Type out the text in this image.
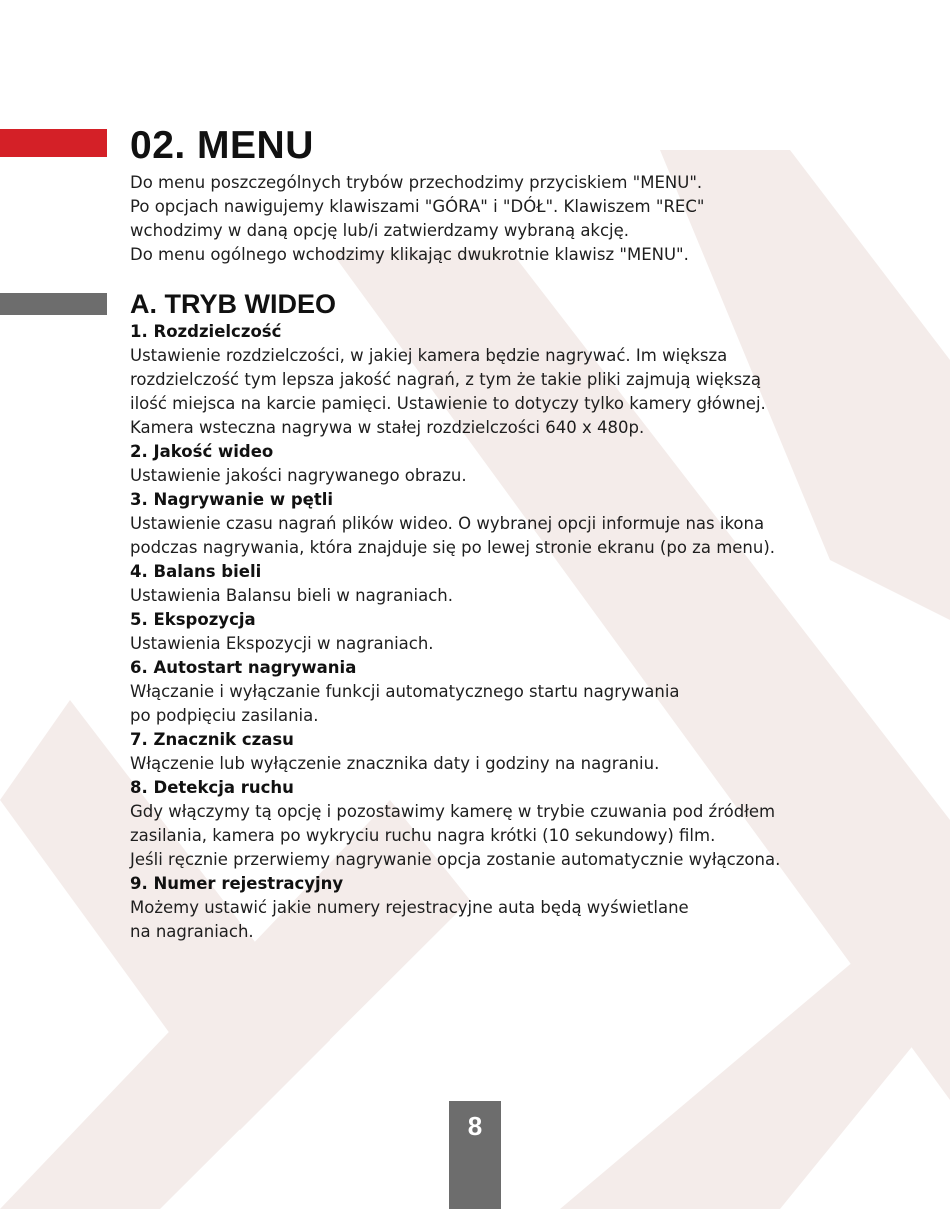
02. MENU
Do menu poszczególnych trybów przechodzimy przyciskiem "MENU".
Po opcjach nawigujemy klawiszami "GÓRA" i "DÓŁ". Klawiszem "REC"
wchodzimy w daną opcję lub/i zatwierdzamy wybraną akcję.
Do menu ogólnego wchodzimy klikając dwukrotnie klawisz "MENU".
A. TRYB WIDEO
1. Rozdzielczość
Ustawienie rozdzielczości, w jakiej kamera będzie nagrywać. Im większa
rozdzielczość tym lepsza jakość nagrań, z tym że takie pliki zajmują większą
ilość miejsca na karcie pamięci. Ustawienie to dotyczy tylko kamery głównej.
Kamera wsteczna nagrywa w stałej rozdzielczości 640 x 480p.
2. Jakość wideo
Ustawienie jakości nagrywanego obrazu.
3. Nagrywanie w pętli
Ustawienie czasu nagrań plików wideo. O wybranej opcji informuje nas ikona
podczas nagrywania, która znajduje się po lewej stronie ekranu (po za menu).
4. Balans bieli
Ustawienia Balansu bieli w nagraniach.
5. Ekspozycja
Ustawienia Ekspozycji w nagraniach.
6. Autostart nagrywania
Włączanie i wyłączanie funkcji automatycznego startu nagrywania
po podpięciu zasilania.
7. Znacznik czasu
Włączenie lub wyłączenie znacznika daty i godziny na nagraniu.
8. Detekcja ruchu
Gdy włączymy tą opcję i pozostawimy kamerę w trybie czuwania pod źródłem
zasilania, kamera po wykryciu ruchu nagra krótki (10 sekundowy) film.
Jeśli ręcznie przerwiemy nagrywanie opcja zostanie automatycznie wyłączona.
9. Numer rejestracyjny
Możemy ustawić jakie numery rejestracyjne auta będą wyświetlane
na nagraniach.
8
